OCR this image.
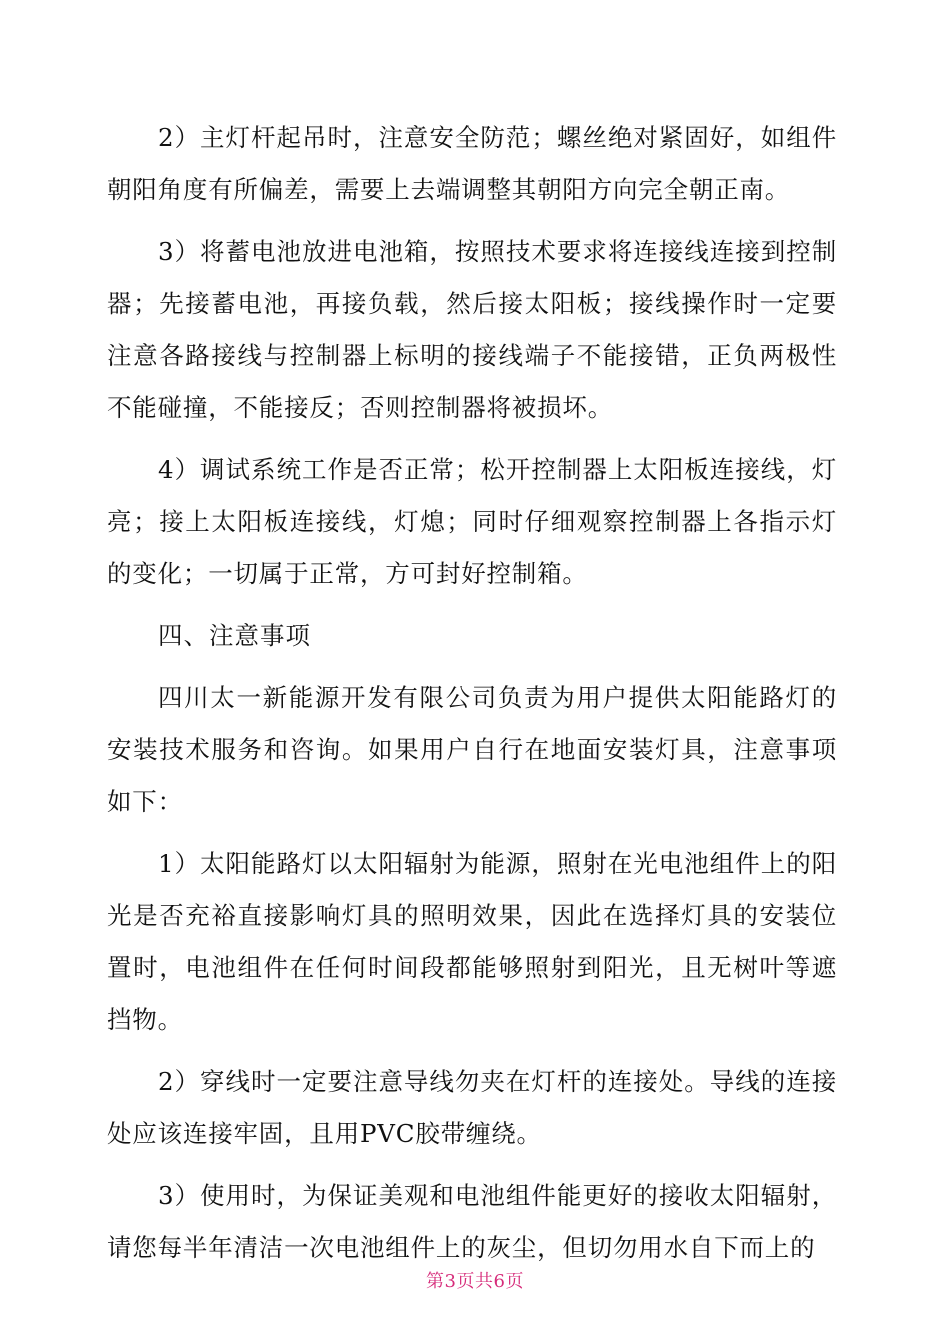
2）主灯杆起吊时，注意安全防范；螺丝绝对紧固好，如组件朝阳角度有所偏差，需要上去端调整其朝阳方向完全朝正南。

3）将蓄电池放进电池箱，按照技术要求将连接线连接到控制器；先接蓄电池，再接负载，然后接太阳板；接线操作时一定要注意各路接线与控制器上标明的接线端子不能接错，正负两极性不能碰撞，不能接反；否则控制器将被损坏。

4）调试系统工作是否正常；松开控制器上太阳板连接线，灯亮；接上太阳板连接线，灯熄；同时仔细观察控制器上各指示灯的变化；一切属于正常，方可封好控制箱。

四、注意事项

四川太一新能源开发有限公司负责为用户提供太阳能路灯的安装技术服务和咨询。如果用户自行在地面安装灯具，注意事项如下：

1）太阳能路灯以太阳辐射为能源，照射在光电池组件上的阳光是否充裕直接影响灯具的照明效果，因此在选择灯具的安装位置时，电池组件在任何时间段都能够照射到阳光，且无树叶等遮挡物。

2）穿线时一定要注意导线勿夹在灯杆的连接处。导线的连接处应该连接牢固，且用PVC胶带缠绕。

3）使用时，为保证美观和电池组件能更好的接收太阳辐射，请您每半年清洁一次电池组件上的灰尘，但切勿用水自下而上的

第3页共6页
